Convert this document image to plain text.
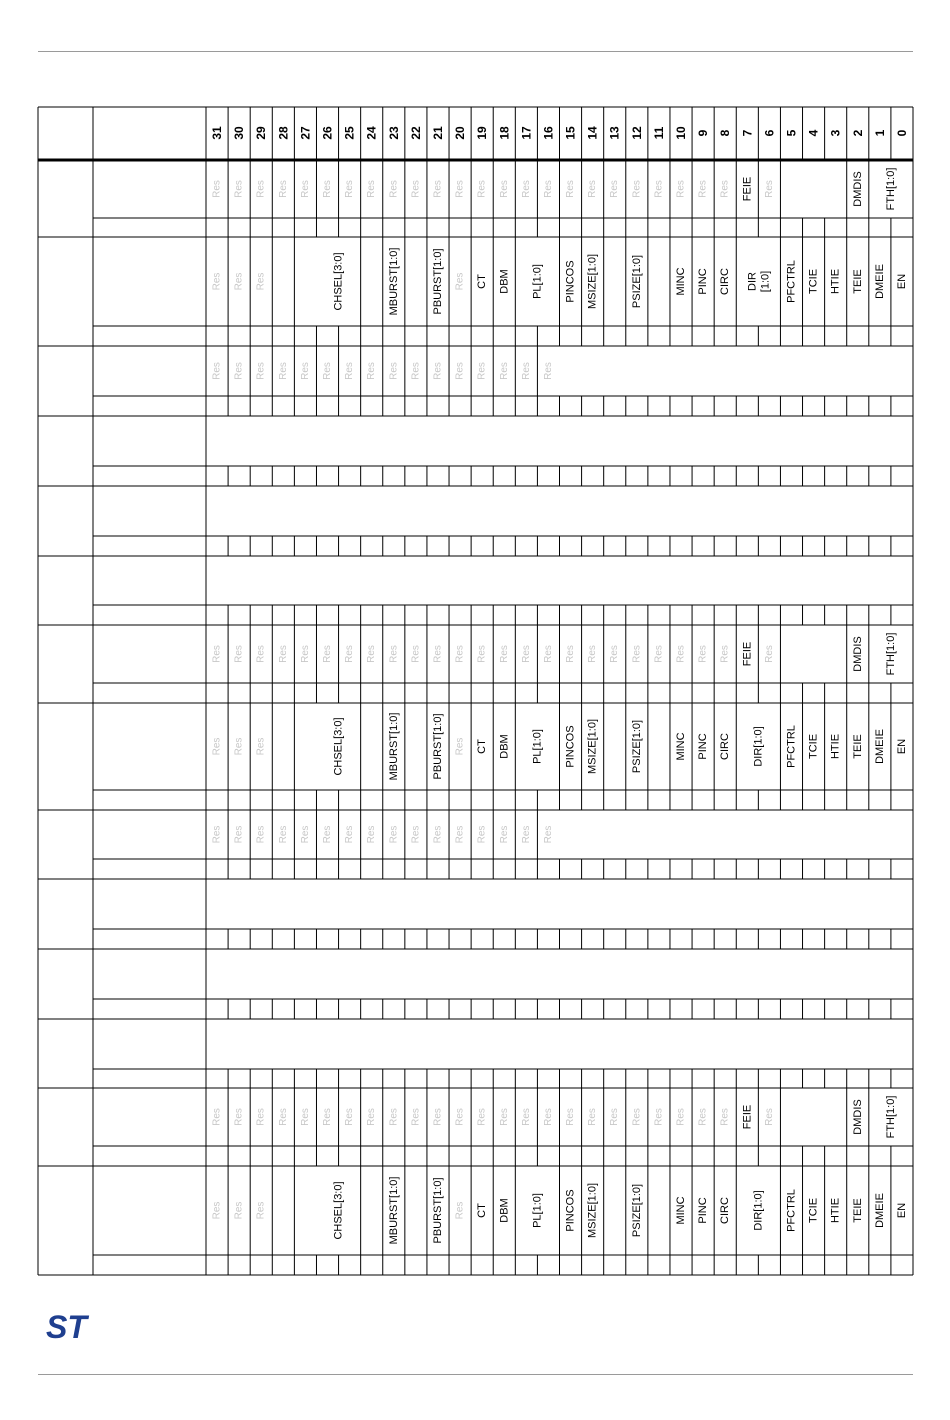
31 30 29 28 27 26 25 24 23 22 21 20 19 18 17 16 15 14 13 12 11 10 9 8 7 6 5 4 3 2 1 0
Res Res Res Res Res Res Res Res Res Res Res Res Res Res Res Res Res Res Res Res Res Res Res Res	Res
FEIE	DMDIS FTH[1:0]
Res Res Res	Res
CHSEL[3:0]	MBURST[1:0]	PBURST[1:0]	CT DBM PL[1:0] PINCOS MSIZE[1:0]	PSIZE[1:0]	MINC PINC CIRC DIR [1:0] PFCTRL TCIE HTIE TEIE DMEIE EN
Res Res Res Res Res Res Res Res Res Res Res Res Res Res Res Res
Res Res Res Res Res Res Res Res Res Res Res Res Res Res Res Res Res Res Res Res Res Res Res Res	Res
FEIE	DMDIS FTH[1:0]
Res Res Res	Res
CHSEL[3:0]	MBURST[1:0]	PBURST[1:0]	CT DBM PL[1:0] PINCOS MSIZE[1:0]	PSIZE[1:0]	MINC PINC CIRC DIR[1:0] PFCTRL TCIE HTIE TEIE DMEIE EN
Res Res Res Res Res Res Res Res Res Res Res Res Res Res Res Res
Res Res Res Res Res Res Res Res Res Res Res Res Res Res Res Res Res Res Res Res Res Res Res Res	Res
FEIE	DMDIS FTH[1:0]
Res Res Res	Res
CHSEL[3:0]	MBURST[1:0]	PBURST[1:0]	CT DBM PL[1:0] PINCOS MSIZE[1:0]	PSIZE[1:0]	MINC PINC CIRC DIR[1:0] PFCTRL TCIE HTIE TEIE DMEIE EN
ST
